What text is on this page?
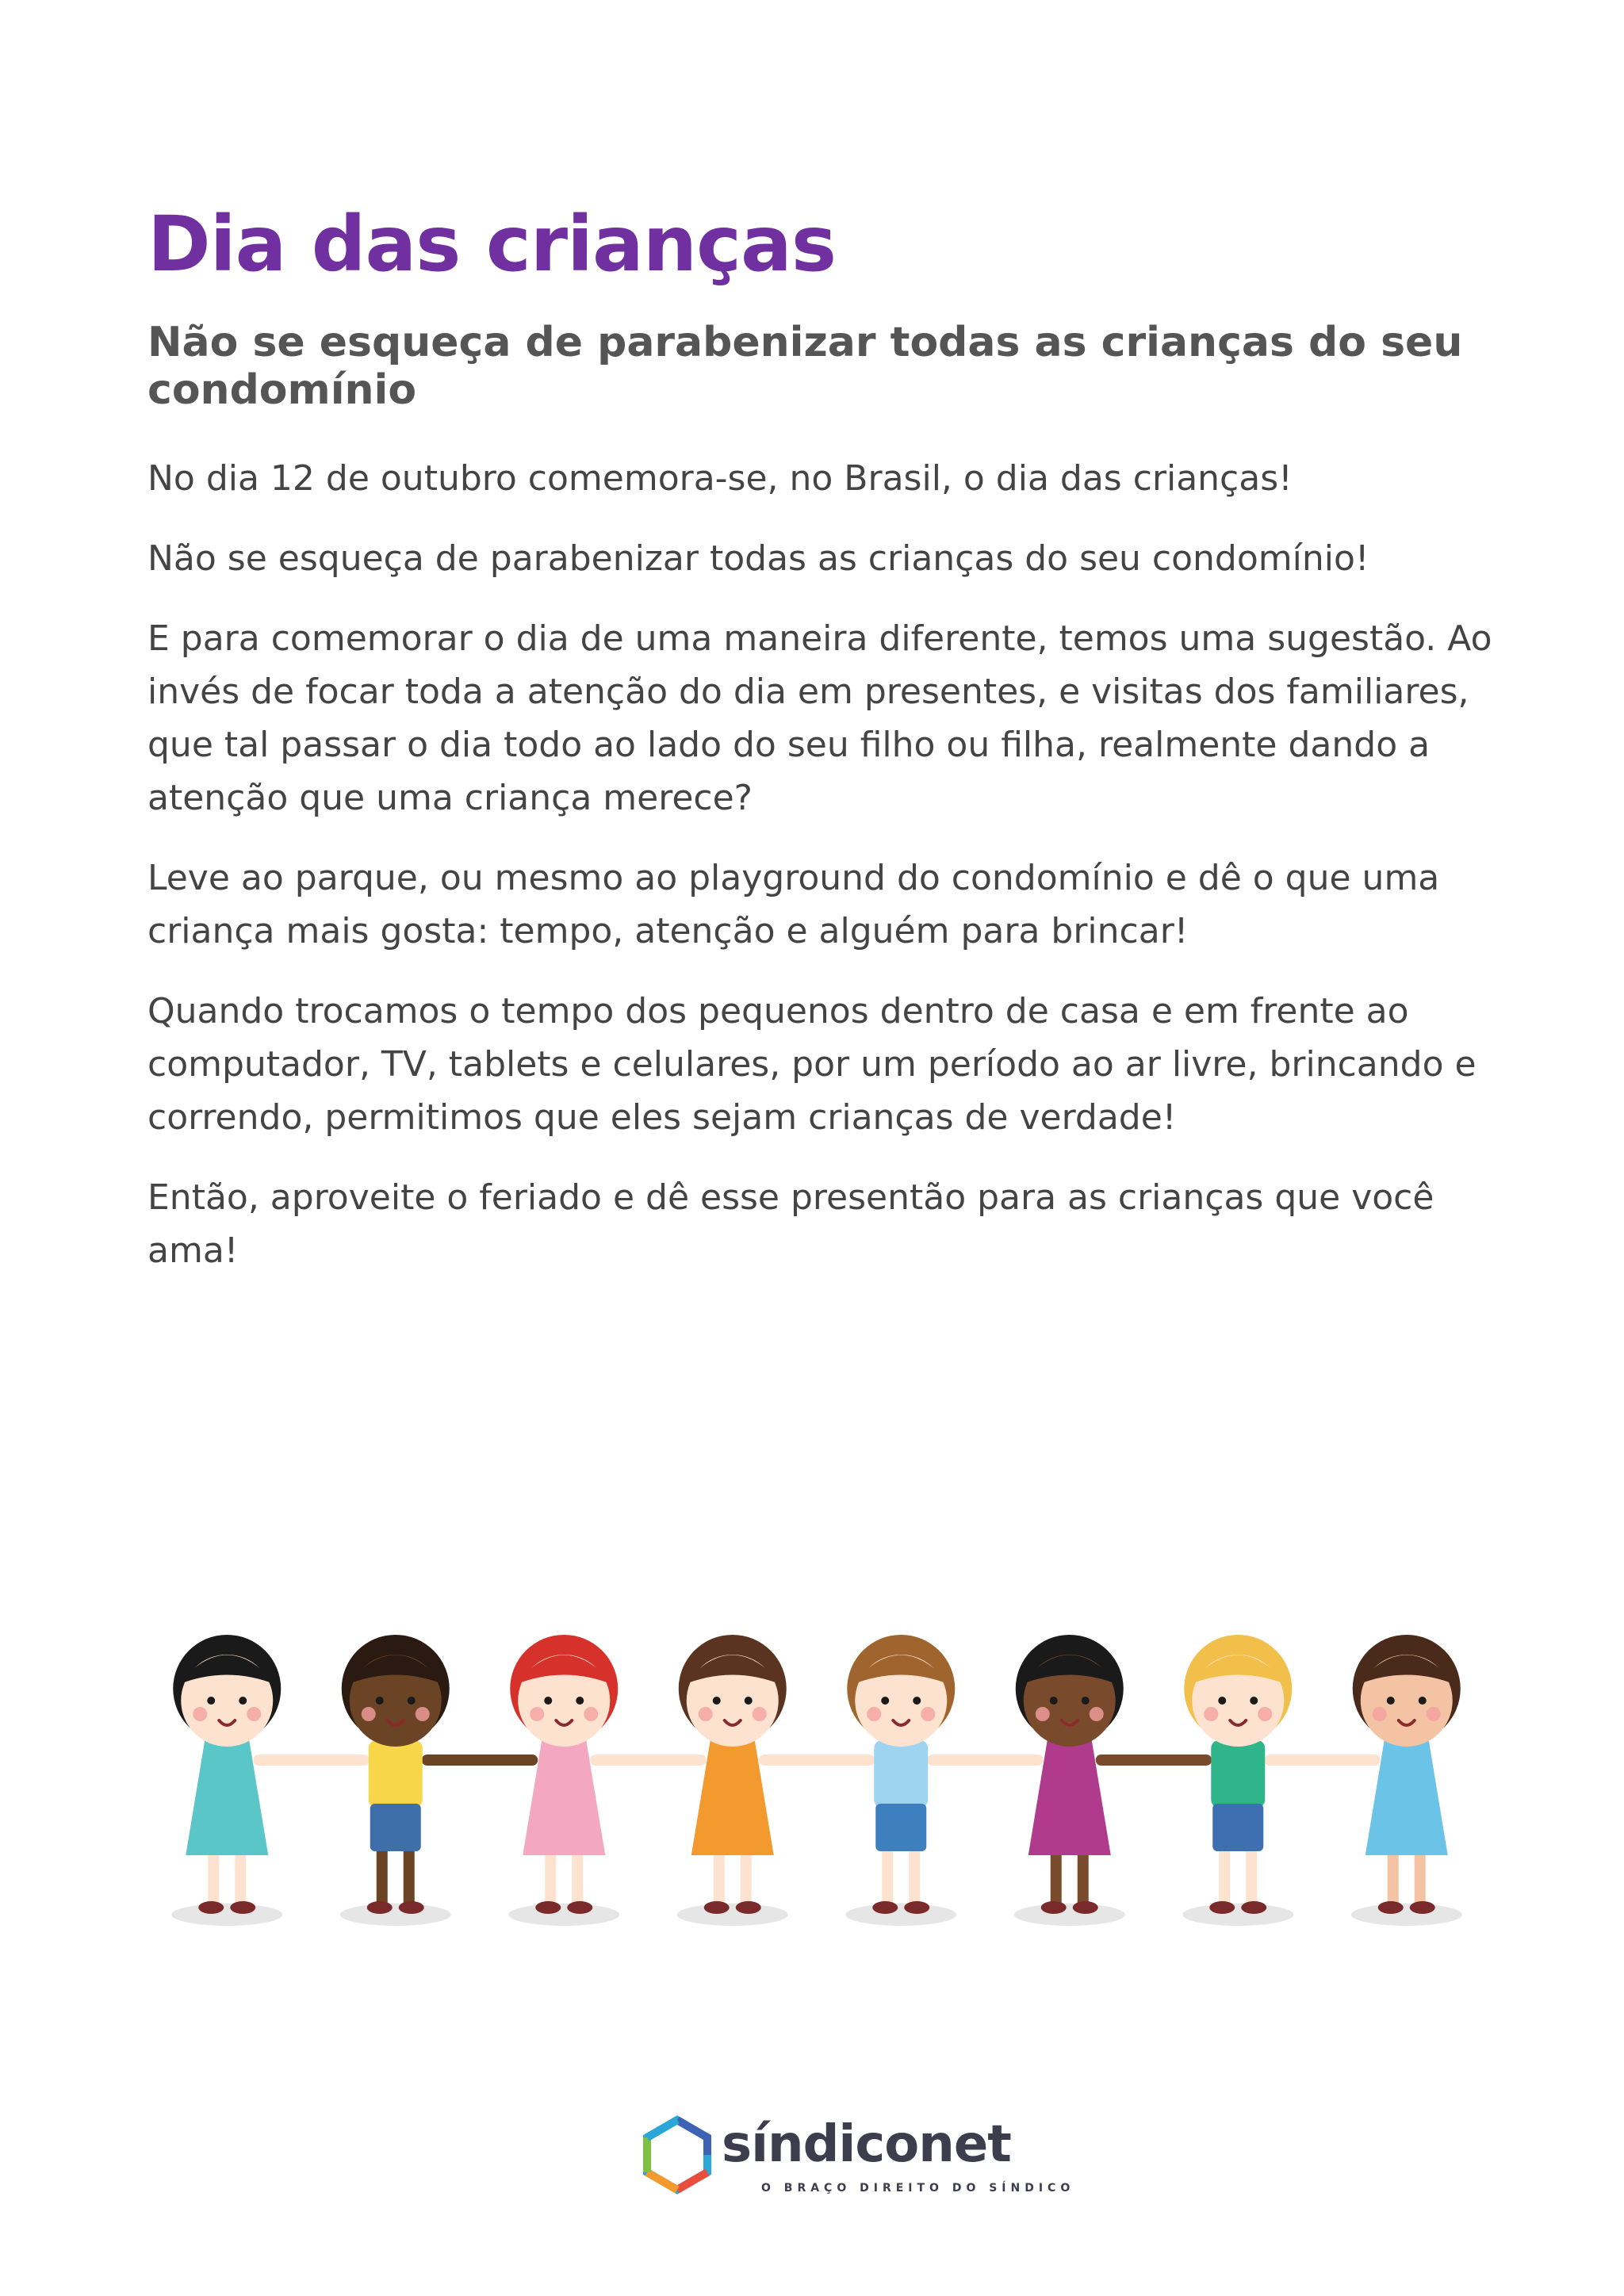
Dia das crianças
Não se esqueça de parabenizar todas as crianças do seu condomínio

No dia 12 de outubro comemora-se, no Brasil, o dia das crianças!

Não se esqueça de parabenizar todas as crianças do seu condomínio!

E para comemorar o dia de uma maneira diferente, temos uma sugestão. Ao invés de focar toda a atenção do dia em presentes, e visitas dos familiares, que tal passar o dia todo ao lado do seu filho ou filha, realmente dando a atenção que uma criança merece?

Leve ao parque, ou mesmo ao playground do condomínio e dê o que uma criança mais gosta: tempo, atenção e alguém para brincar!

Quando trocamos o tempo dos pequenos dentro de casa e em frente ao computador, TV, tablets e celulares, por um período ao ar livre, brincando e correndo, permitimos que eles sejam crianças de verdade!

Então, aproveite o feriado e dê esse presentão para as crianças que você ama!

síndiconet
O BRAÇO DIREITO DO SÍNDICO
